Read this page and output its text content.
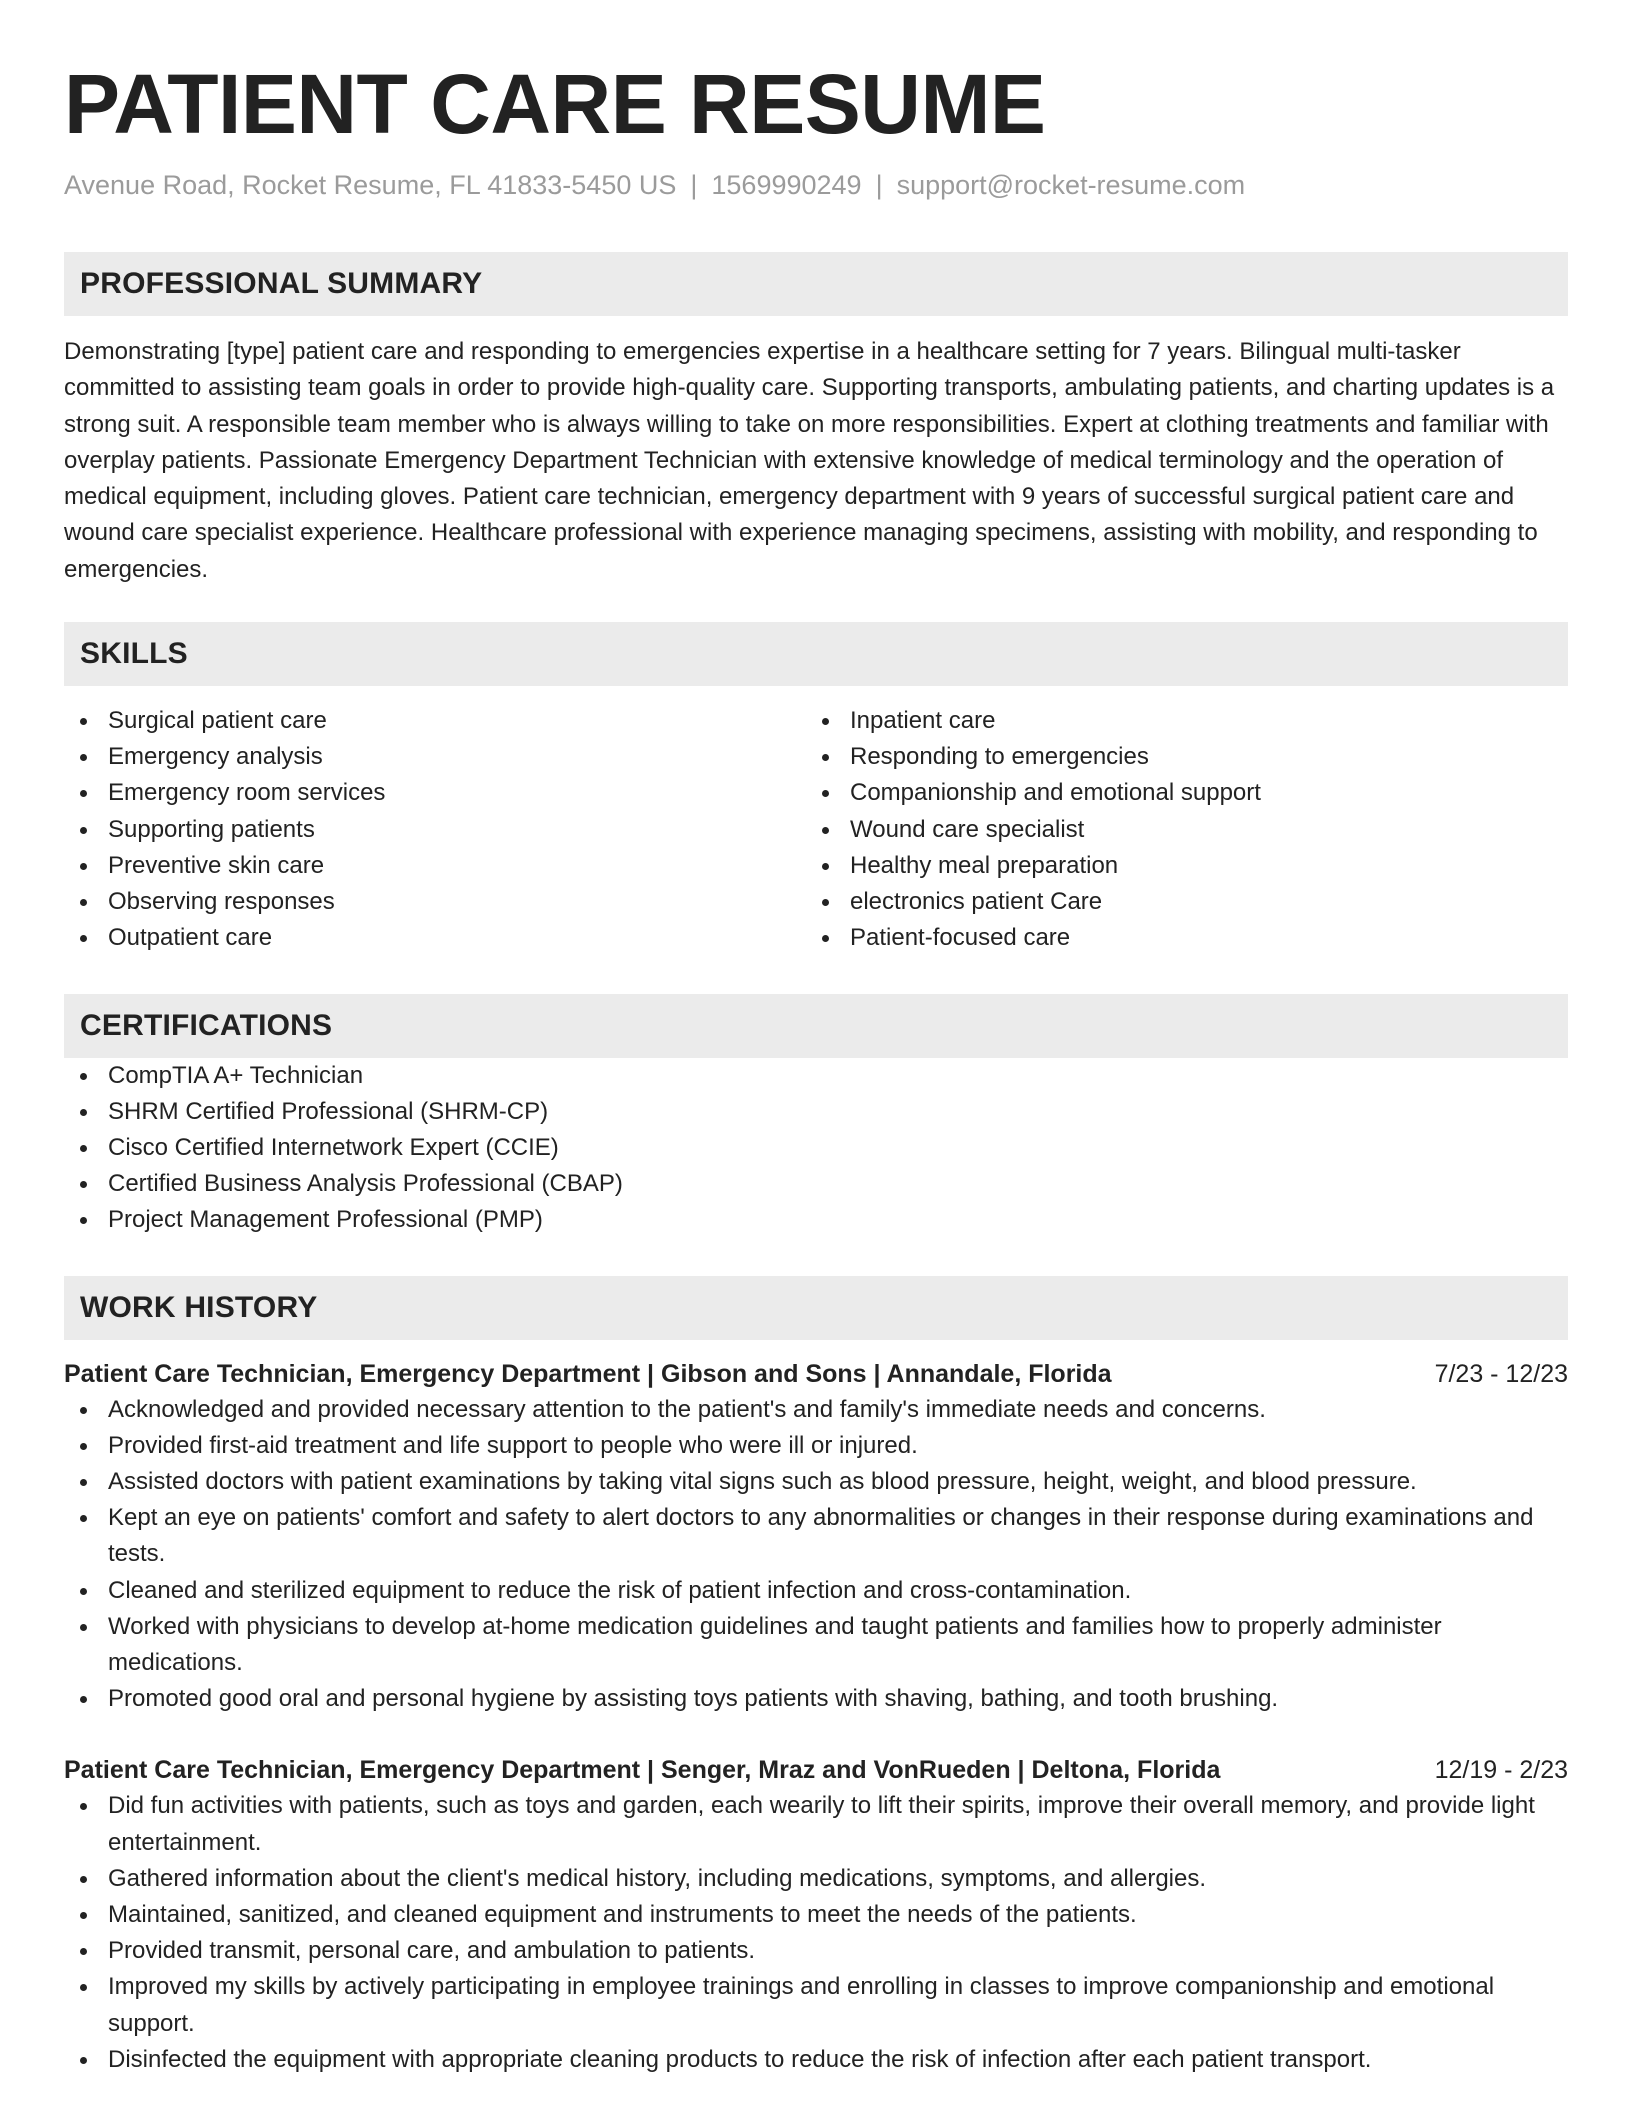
PATIENT CARE RESUME
Avenue Road, Rocket Resume, FL 41833-5450 US | 1569990249 | support@rocket-resume.com
PROFESSIONAL SUMMARY

Demonstrating [type] patient care and responding to emergencies expertise in a healthcare setting for 7 years. Bilingual multi-tasker committed to assisting team goals in order to provide high-quality care. Supporting transports, ambulating patients, and charting updates is a strong suit. A responsible team member who is always willing to take on more responsibilities. Expert at clothing treatments and familiar with overplay patients. Passionate Emergency Department Technician with extensive knowledge of medical terminology and the operation of medical equipment, including gloves. Patient care technician, emergency department with 9 years of successful surgical patient care and wound care specialist experience. Healthcare professional with experience managing specimens, assisting with mobility, and responding to emergencies.

SKILLS
Surgical patient care
Emergency analysis
Emergency room services
Supporting patients
Preventive skin care
Observing responses
Outpatient care
Inpatient care
Responding to emergencies
Companionship and emotional support
Wound care specialist
Healthy meal preparation
electronics patient Care
Patient-focused care
CERTIFICATIONS
CompTIA A+ Technician
SHRM Certified Professional (SHRM-CP)
Cisco Certified Internetwork Expert (CCIE)
Certified Business Analysis Professional (CBAP)
Project Management Professional (PMP)
WORK HISTORY
Patient Care Technician, Emergency Department | Gibson and Sons | Annandale, Florida	7/23 - 12/23
Acknowledged and provided necessary attention to the patient's and family's immediate needs and concerns.
Provided first-aid treatment and life support to people who were ill or injured.
Assisted doctors with patient examinations by taking vital signs such as blood pressure, height, weight, and blood pressure.
Kept an eye on patients' comfort and safety to alert doctors to any abnormalities or changes in their response during examinations and tests.
Cleaned and sterilized equipment to reduce the risk of patient infection and cross-contamination.
Worked with physicians to develop at-home medication guidelines and taught patients and families how to properly administer medications.
Promoted good oral and personal hygiene by assisting toys patients with shaving, bathing, and tooth brushing.
Patient Care Technician, Emergency Department | Senger, Mraz and VonRueden | Deltona, Florida	12/19 - 2/23
Did fun activities with patients, such as toys and garden, each wearily to lift their spirits, improve their overall memory, and provide light entertainment.
Gathered information about the client's medical history, including medications, symptoms, and allergies.
Maintained, sanitized, and cleaned equipment and instruments to meet the needs of the patients.
Provided transmit, personal care, and ambulation to patients.
Improved my skills by actively participating in employee trainings and enrolling in classes to improve companionship and emotional support.
Disinfected the equipment with appropriate cleaning products to reduce the risk of infection after each patient transport.
